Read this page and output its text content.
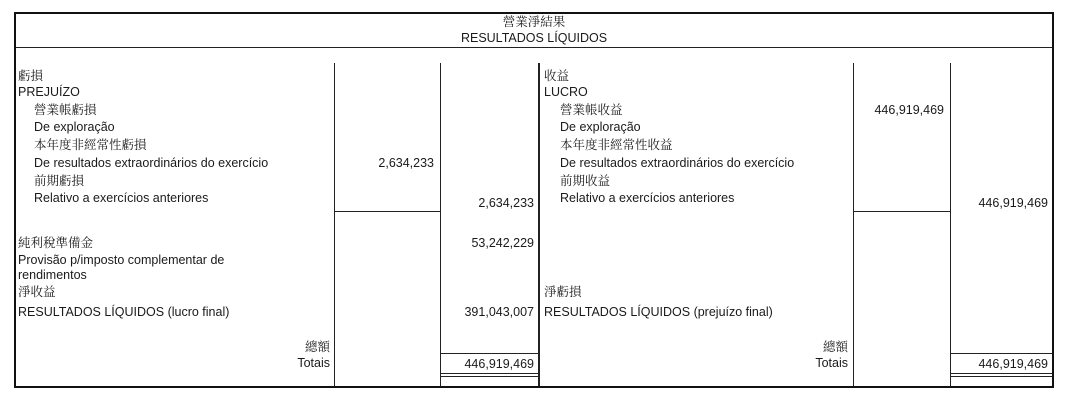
營業淨結果
RESULTADOS LÍQUIDOS
虧損
PREJUÍZO
營業帳虧損
De exploração
本年度非經常性虧損
De resultados extraordinários do exercício	2,634,233
前期虧損
Relativo a exercícios anteriores	2,634,233
純利稅準備金	53,242,229
Provisão p/imposto complementar de
rendimentos
淨收益
RESULTADOS LÍQUIDOS (lucro final)	391,043,007
總額
Totais	446,919,469
收益
LUCRO
營業帳收益	446,919,469
De exploração
本年度非經常性收益
De resultados extraordinários do exercício
前期收益
Relativo a exercícios anteriores	446,919,469
淨虧損
RESULTADOS LÍQUIDOS (prejuízo final)
總額
Totais	446,919,469
